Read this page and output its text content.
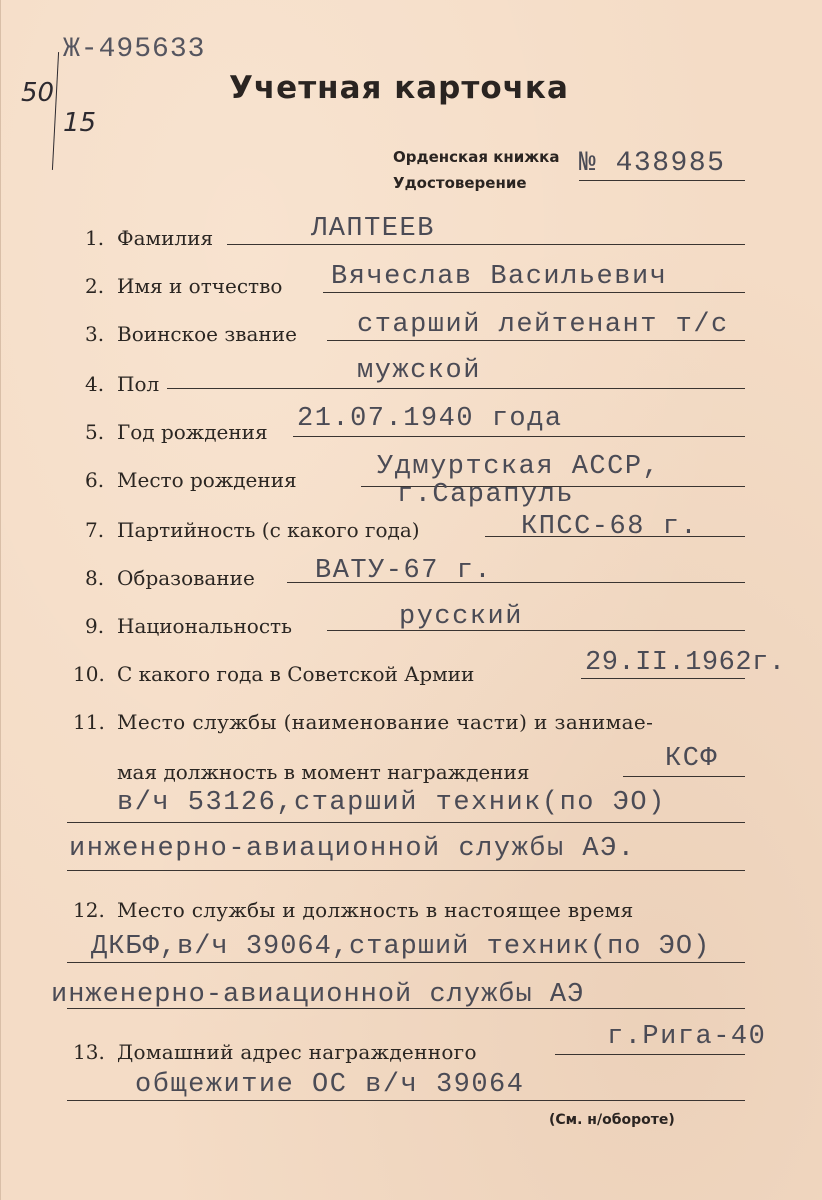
Ж-495633
50
15
Учетная карточка
Орденская книжка
Удостоверение
№ 438985
1. Фамилия	ЛАПТЕЕВ
2. Имя и отчество Вячеслав Васильевич
3. Воинское звание старший лейтенант т/с
4. Пол	мужской
5. Год рождения 21.07.1940 года
6. Место рождения	Удмуртская АССР,
г.Сарапуль
7. Партийность (с какого года)	КПСС-68 г.
8. Образование ВАТУ-67 г.
9. Национальность	русский
10. С какого года в Советской Армии	29.II.1962г.
11. Место службы (наименование части) и занимае-
мая должность в момент награждения	КСФ
в/ч 53126,старший техник(по ЭО)
инженерно-авиационной службы АЭ.
12. Место службы и должность в настоящее время
ДКБФ,в/ч 39064,старший техник(по ЭО)
инженерно-авиационной службы АЭ
13. Домашний адрес награжденного	г.Рига-40
общежитие ОС в/ч 39064
(См. н/обороте)
